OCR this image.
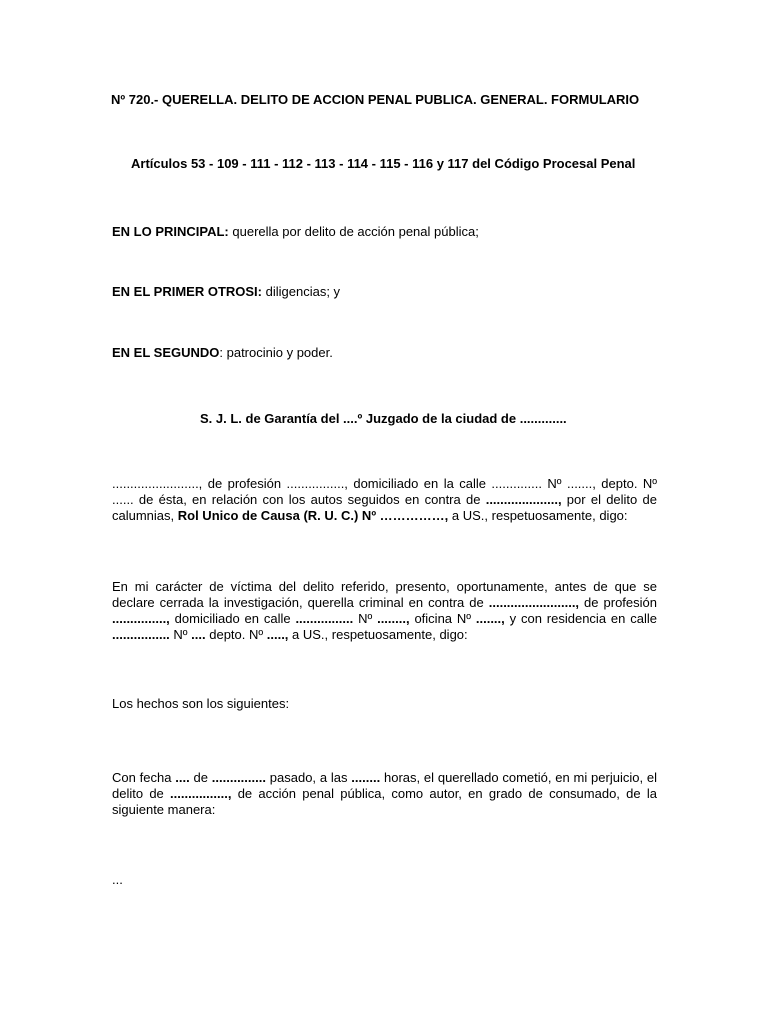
Nº 720.- QUERELLA. DELITO DE ACCION PENAL PUBLICA. GENERAL. FORMULARIO
Artículos 53 - 109 - 111 - 112 - 113 - 114 - 115 - 116 y 117 del Código Procesal Penal
EN LO PRINCIPAL: querella por delito de acción penal pública;
EN EL PRIMER OTROSI: diligencias; y
EN EL SEGUNDO: patrocinio y poder.
S. J. L. de Garantía del ....º Juzgado de la ciudad de .............
........................, de profesión ................, domiciliado en la calle .............. Nº ......., depto. Nº ...... de ésta, en relación con los autos seguidos en contra de ...................., por el delito de calumnias, Rol Unico de Causa (R. U. C.) Nº ……………, a US., respetuosamente, digo:
En mi carácter de víctima del delito referido, presento, oportunamente, antes de que se declare cerrada la investigación, querella criminal en contra de ........................, de profesión ..............., domiciliado en calle ................ Nº ........, oficina Nº ......., y con residencia en calle ................ Nº .... depto. Nº ....., a US., respetuosamente, digo:
Los hechos son los siguientes:
Con fecha .... de ............... pasado, a las ........ horas, el querellado cometió, en mi perjuicio, el delito de ................, de acción penal pública, como autor, en grado de consumado, de la siguiente manera:
...
